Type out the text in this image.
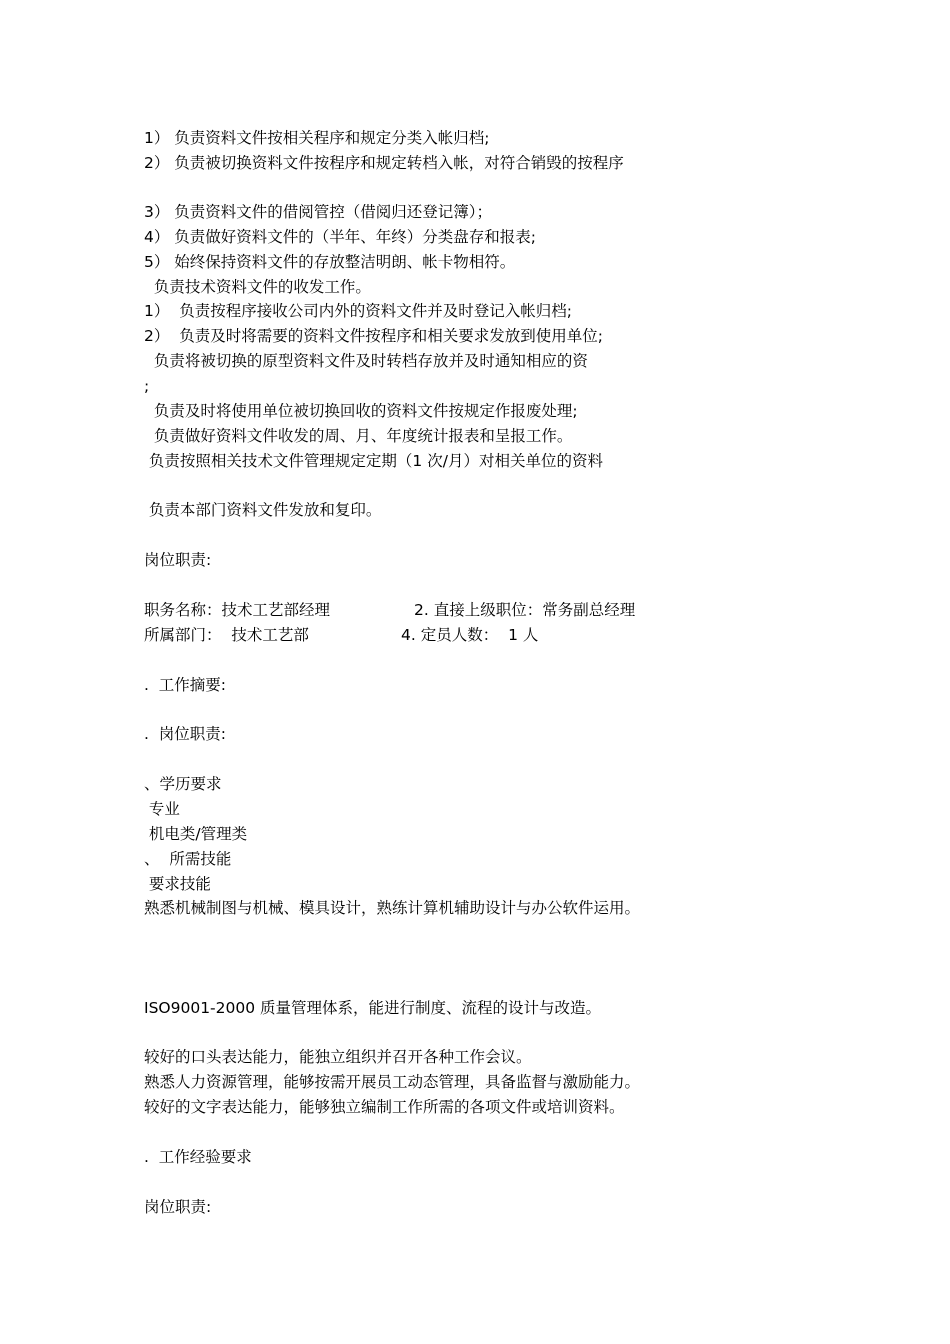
1） 负责资料文件按相关程序和规定分类入帐归档;
2） 负责被切换资料文件按程序和规定转档入帐，对符合销毁的按程序
3） 负责资料文件的借阅管控（借阅归还登记簿）；
4） 负责做好资料文件的（半年、年终）分类盘存和报表;
5） 始终保持资料文件的存放整洁明朗、帐卡物相符。
负责技术资料文件的收发工作。
1）  负责按程序接收公司内外的资料文件并及时登记入帐归档;
2）  负责及时将需要的资料文件按程序和相关要求发放到使用单位;
负责将被切换的原型资料文件及时转档存放并及时通知相应的资
;
负责及时将使用单位被切换回收的资料文件按规定作报废处理;
负责做好资料文件收发的周、月、年度统计报表和呈报工作。
负责按照相关技术文件管理规定定期（1 次/月）对相关单位的资料
负责本部门资料文件发放和复印。
岗位职责:
职务名称：技术工艺部经理	2. 直接上级职位：常务副总经理
所属部门：  技术工艺部	4. 定员人数：  1 人
.  工作摘要:
.  岗位职责:
、学历要求
专业
机电类/管理类
、  所需技能
要求技能
熟悉机械制图与机械、模具设计，熟练计算机辅助设计与办公软件运用。
ISO9001-2000 质量管理体系，能进行制度、流程的设计与改造。
较好的口头表达能力，能独立组织并召开各种工作会议。
熟悉人力资源管理，能够按需开展员工动态管理，具备监督与激励能力。
较好的文字表达能力，能够独立编制工作所需的各项文件或培训资料。
.  工作经验要求
岗位职责:
